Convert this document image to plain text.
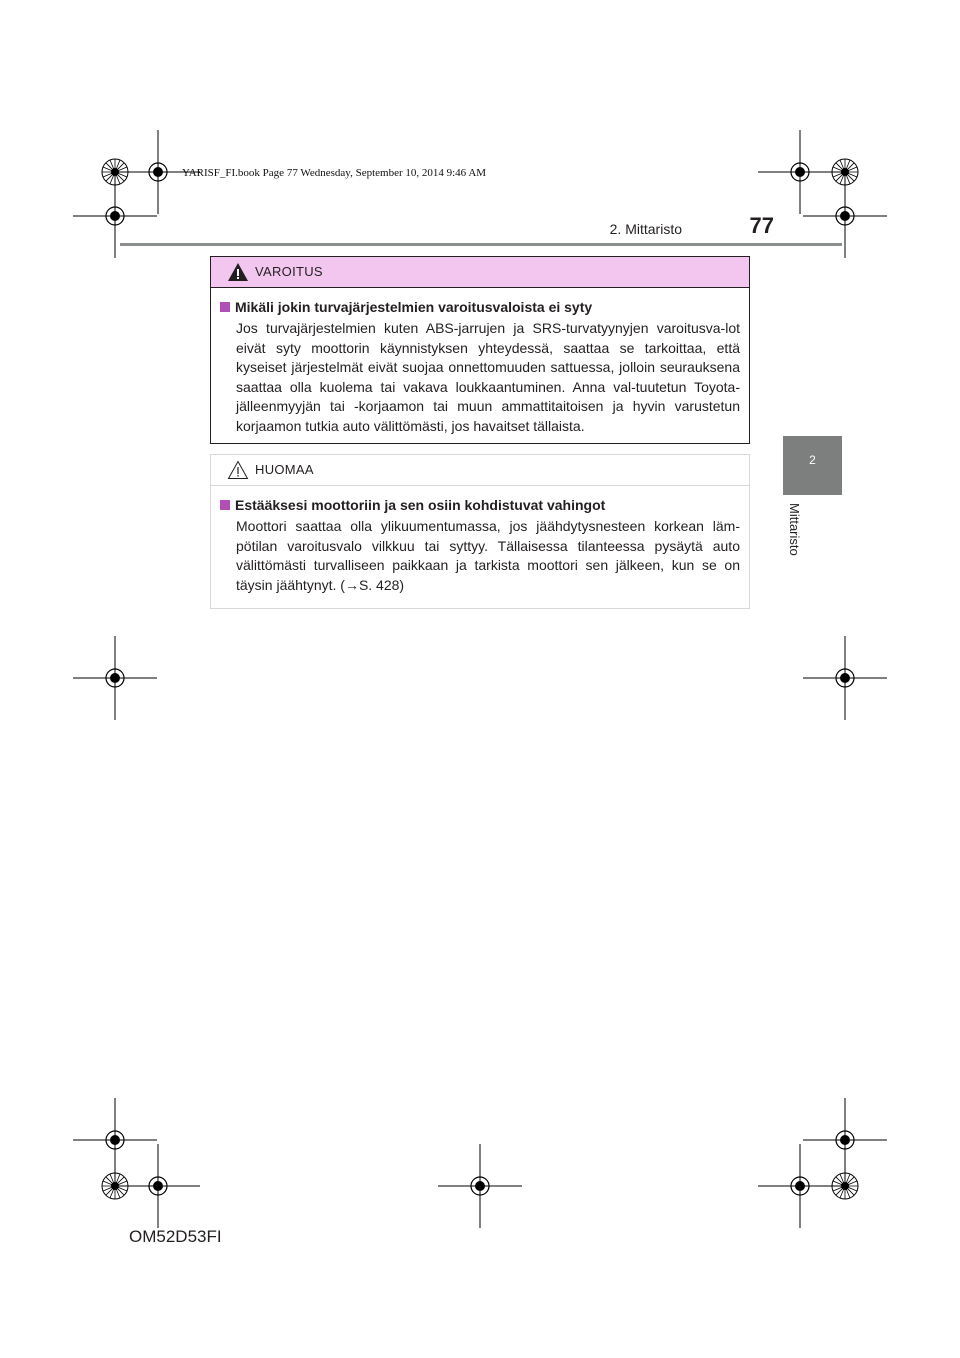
YARISF_FI.book Page 77 Wednesday, September 10, 2014 9:46 AM
2. Mittaristo	77
2
Mittaristo
VAROITUS
Mikäli jokin turvajärjestelmien varoitusvaloista ei syty
Jos turvajärjestelmien kuten ABS-jarrujen ja SRS-turvatyynyjen varoitusva-lot eivät syty moottorin käynnistyksen yhteydessä, saattaa se tarkoittaa, että kyseiset järjestelmät eivät suojaa onnettomuuden sattuessa, jolloin seurauksena saattaa olla kuolema tai vakava loukkaantuminen. Anna val-tuutetun Toyota-jälleenmyyjän tai -korjaamon tai muun ammattitaitoisen ja hyvin varustetun korjaamon tutkia auto välittömästi, jos havaitset tällaista.
HUOMAA
Estääksesi moottoriin ja sen osiin kohdistuvat vahingot
Moottori saattaa olla ylikuumentumassa, jos jäähdytysnesteen korkean läm-pötilan varoitusvalo vilkkuu tai syttyy. Tällaisessa tilanteessa pysäytä auto välittömästi turvalliseen paikkaan ja tarkista moottori sen jälkeen, kun se on täysin jäähtynyt. (→S. 428)
OM52D53FI
